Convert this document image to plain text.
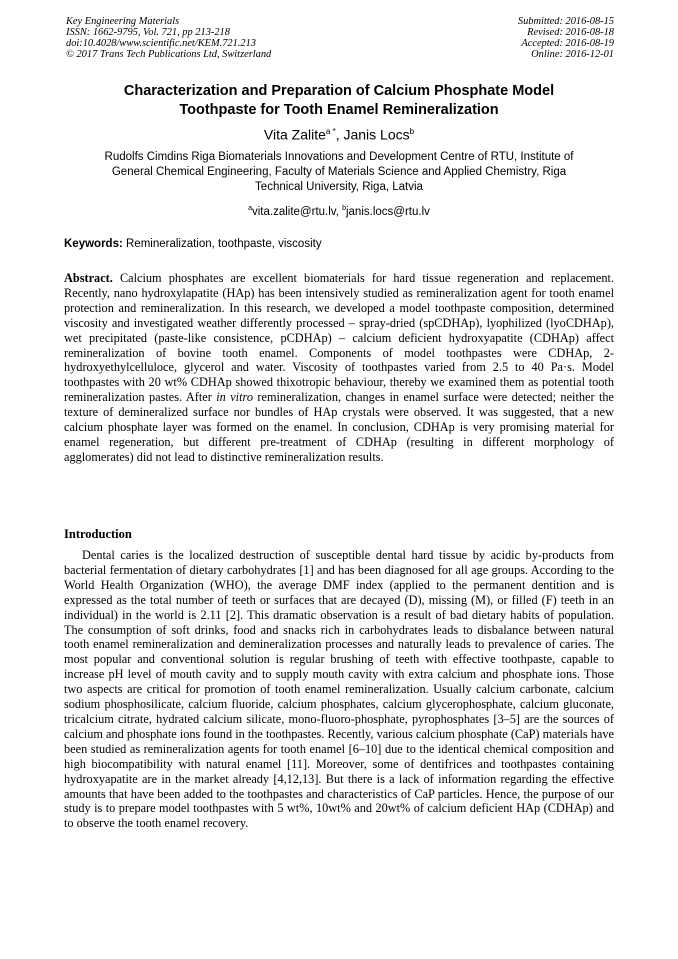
Key Engineering Materials
ISSN: 1662-9795, Vol. 721, pp 213-218
doi:10.4028/www.scientific.net/KEM.721.213
© 2017 Trans Tech Publications Ltd, Switzerland
Submitted: 2016-08-15
Revised: 2016-08-18
Accepted: 2016-08-19
Online: 2016-12-01
Characterization and Preparation of Calcium Phosphate Model
Toothpaste for Tooth Enamel Remineralization
Vita Zalite$^{a *}$, Janis Locs$^b$
Rudolfs Cimdins Riga Biomaterials Innovations and Development Centre of RTU, Institute of
General Chemical Engineering, Faculty of Materials Science and Applied Chemistry, Riga
Technical University, Riga, Latvia
$^a$vita.zalite@rtu.lv, $^b$janis.locs@rtu.lv
Keywords: Remineralization, toothpaste, viscosity
Abstract. Calcium phosphates are excellent biomaterials for hard tissue regeneration and replacement. Recently, nano hydroxylapatite (HAp) has been intensively studied as remineralization agent for tooth enamel protection and remineralization. In this research, we developed a model toothpaste composition, determined viscosity and investigated weather differently processed – spray-dried (spCDHAp), lyophilized (lyoCDHAp), wet precipitated (paste-like consistence, pCDHAp) – calcium deficient hydroxyapatite (CDHAp) affect remineralization of bovine tooth enamel. Components of model toothpastes were CDHAp, 2-hydroxyethylcelluloce, glycerol and water. Viscosity of toothpastes varied from 2.5 to 40 Pa·s. Model toothpastes with 20 wt% CDHAp showed thixotropic behaviour, thereby we examined them as potential tooth remineralization pastes. After in vitro remineralization, changes in enamel surface were detected; neither the texture of demineralized surface nor bundles of HAp crystals were observed. It was suggested, that a new calcium phosphate layer was formed on the enamel. In conclusion, CDHAp is very promising material for enamel regeneration, but different pre-treatment of CDHAp (resulting in different morphology of agglomerates) did not lead to distinctive remineralization results.
Introduction
Dental caries is the localized destruction of susceptible dental hard tissue by acidic by-products from bacterial fermentation of dietary carbohydrates [1] and has been diagnosed for all age groups. According to the World Health Organization (WHO), the average DMF index (applied to the permanent dentition and is expressed as the total number of teeth or surfaces that are decayed (D), missing (M), or filled (F) teeth in an individual) in the world is 2.11 [2]. This dramatic observation is a result of bad dietary habits of population. The consumption of soft drinks, food and snacks rich in carbohydrates leads to disbalance between natural tooth enamel remineralization and demineralization processes and naturally leads to prevalence of caries. The most popular and conventional solution is regular brushing of teeth with effective toothpaste, capable to increase pH level of mouth cavity and to supply mouth cavity with extra calcium and phosphate ions. Those two aspects are critical for promotion of tooth enamel remineralization. Usually calcium carbonate, calcium sodium phosphosilicate, calcium fluoride, calcium phosphates, calcium glycerophosphate, calcium gluconate, tricalcium citrate, hydrated calcium silicate, mono-fluoro-phosphate, pyrophosphates [3–5] are the sources of calcium and phosphate ions found in the toothpastes. Recently, various calcium phosphate (CaP) materials have been studied as remineralization agents for tooth enamel [6–10] due to the identical chemical composition and high biocompatibility with natural enamel [11]. Moreover, some of dentifrices and toothpastes containing hydroxyapatite are in the market already [4,12,13]. But there is a lack of information regarding the effective amounts that have been added to the toothpastes and characteristics of CaP particles. Hence, the purpose of our study is to prepare model toothpastes with 5 wt%, 10wt% and 20wt% of calcium deficient HAp (CDHAp) and to observe the tooth enamel recovery.
